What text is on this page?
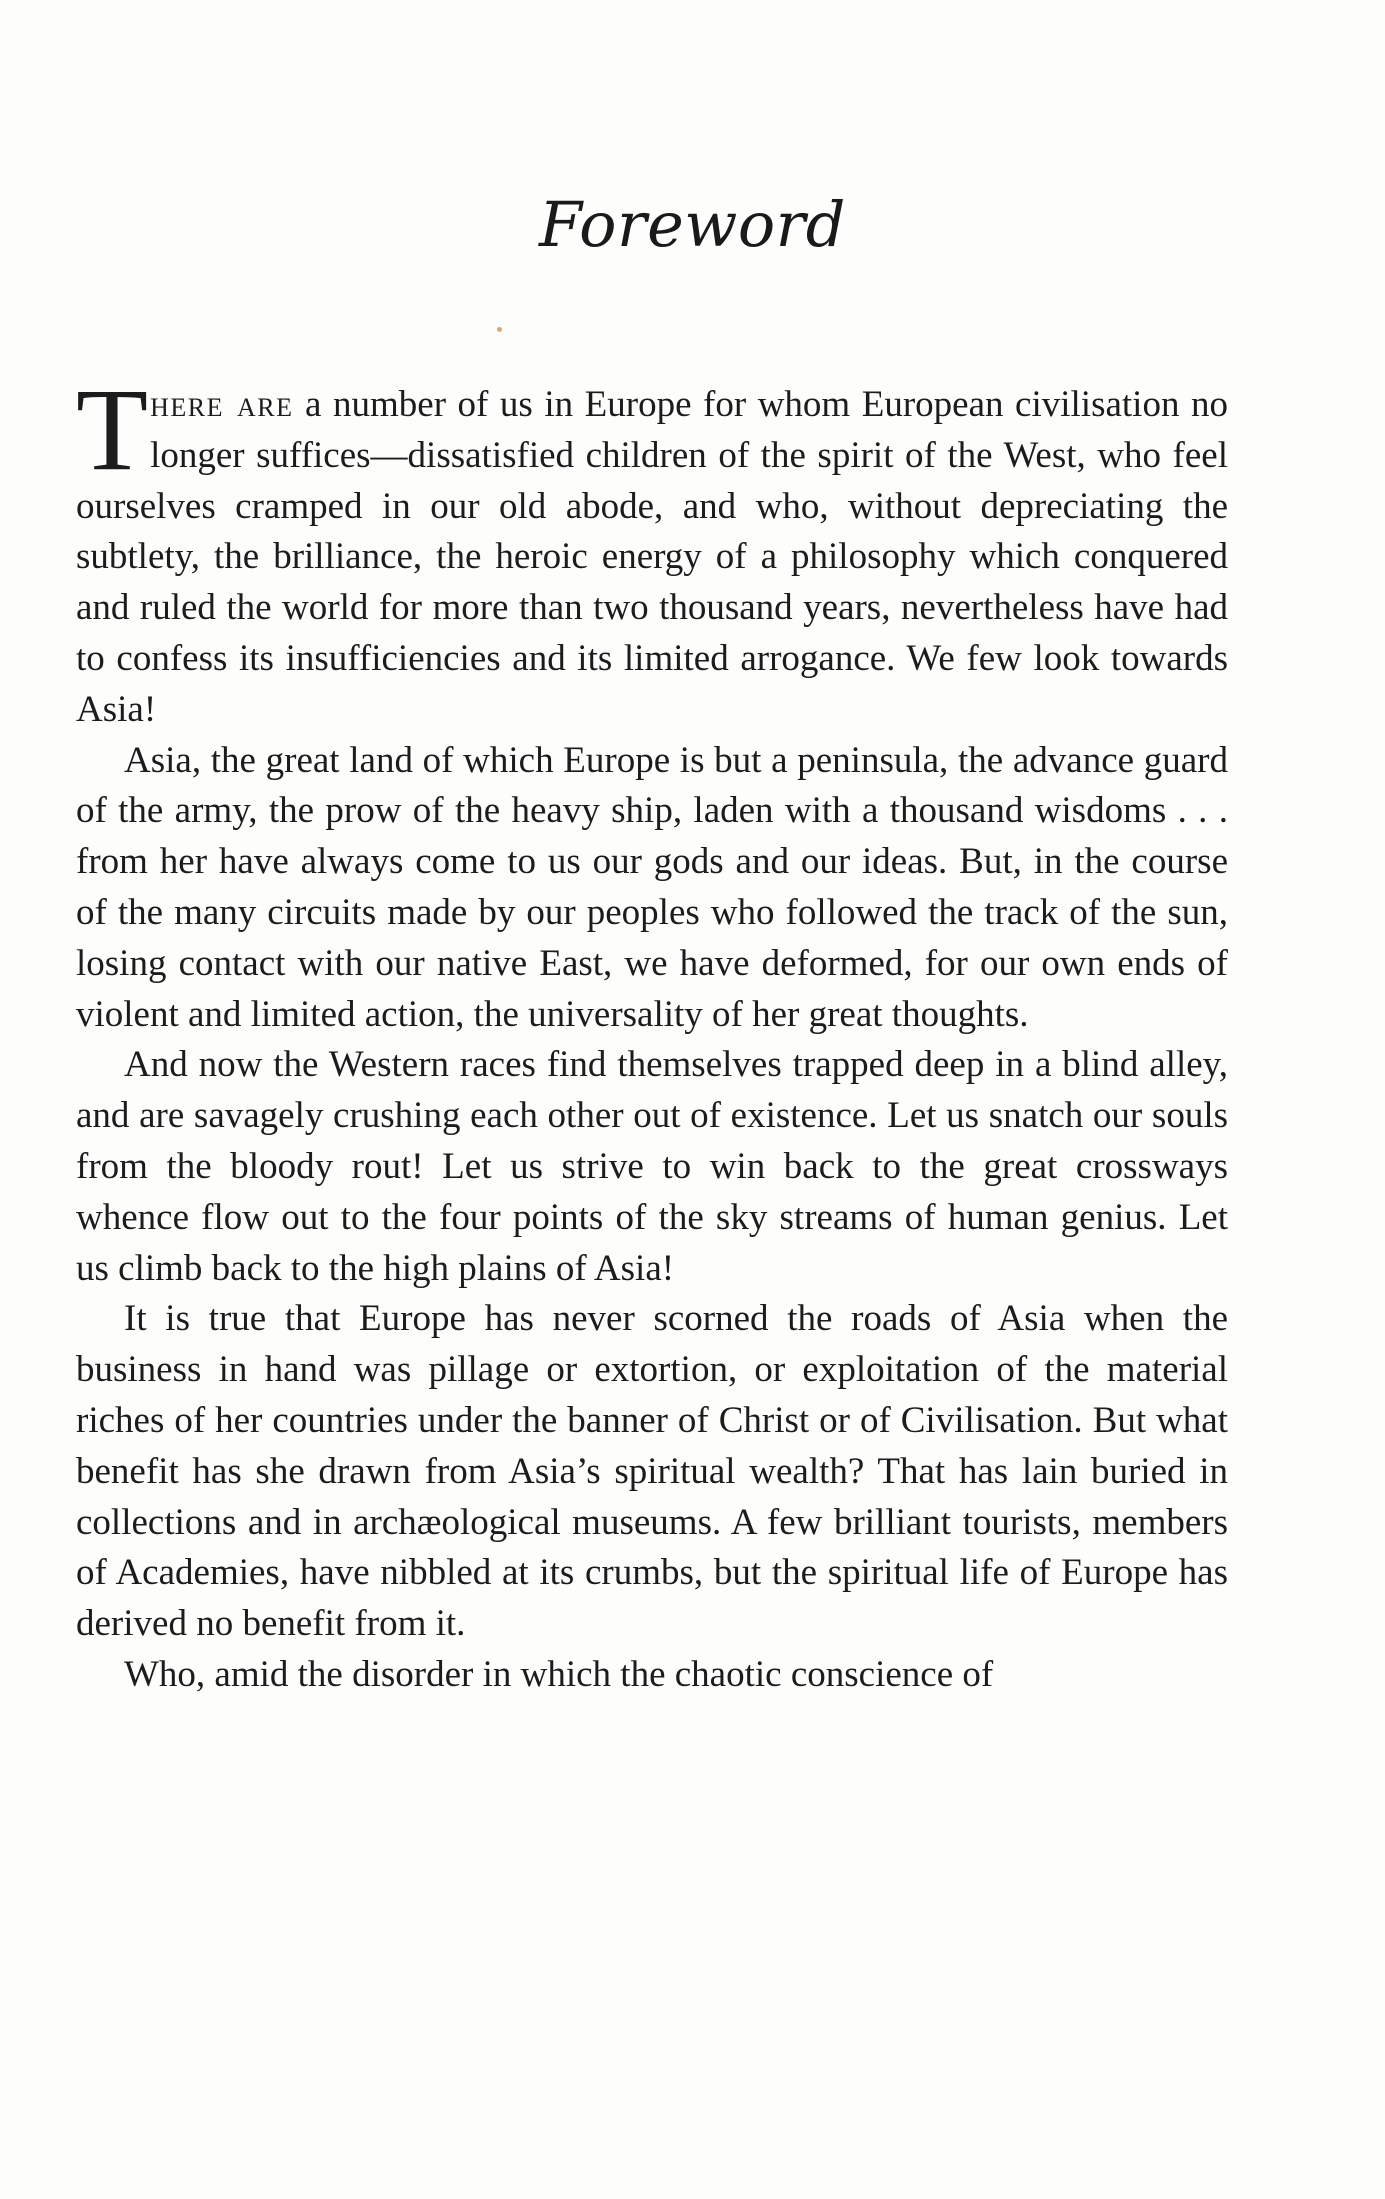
Foreword

There are a number of us in Europe for whom European civilisation no longer suffices—dissatisfied children of the spirit of the West, who feel ourselves cramped in our old abode, and who, without depreciating the subtlety, the brilliance, the heroic energy of a philosophy which conquered and ruled the world for more than two thousand years, nevertheless have had to confess its insufficiencies and its limited arrogance. We few look towards Asia!

Asia, the great land of which Europe is but a peninsula, the advance guard of the army, the prow of the heavy ship, laden with a thousand wisdoms . . . from her have always come to us our gods and our ideas. But, in the course of the many circuits made by our peoples who followed the track of the sun, losing contact with our native East, we have deformed, for our own ends of violent and limited action, the universality of her great thoughts.

And now the Western races find themselves trapped deep in a blind alley, and are savagely crushing each other out of existence. Let us snatch our souls from the bloody rout! Let us strive to win back to the great crossways whence flow out to the four points of the sky streams of human genius. Let us climb back to the high plains of Asia!

It is true that Europe has never scorned the roads of Asia when the business in hand was pillage or extortion, or exploitation of the material riches of her countries under the banner of Christ or of Civilisation. But what benefit has she drawn from Asia’s spiritual wealth? That has lain buried in collections and in archæological museums. A few brilliant tourists, members of Academies, have nibbled at its crumbs, but the spiritual life of Europe has derived no benefit from it.

Who, amid the disorder in which the chaotic conscience of
